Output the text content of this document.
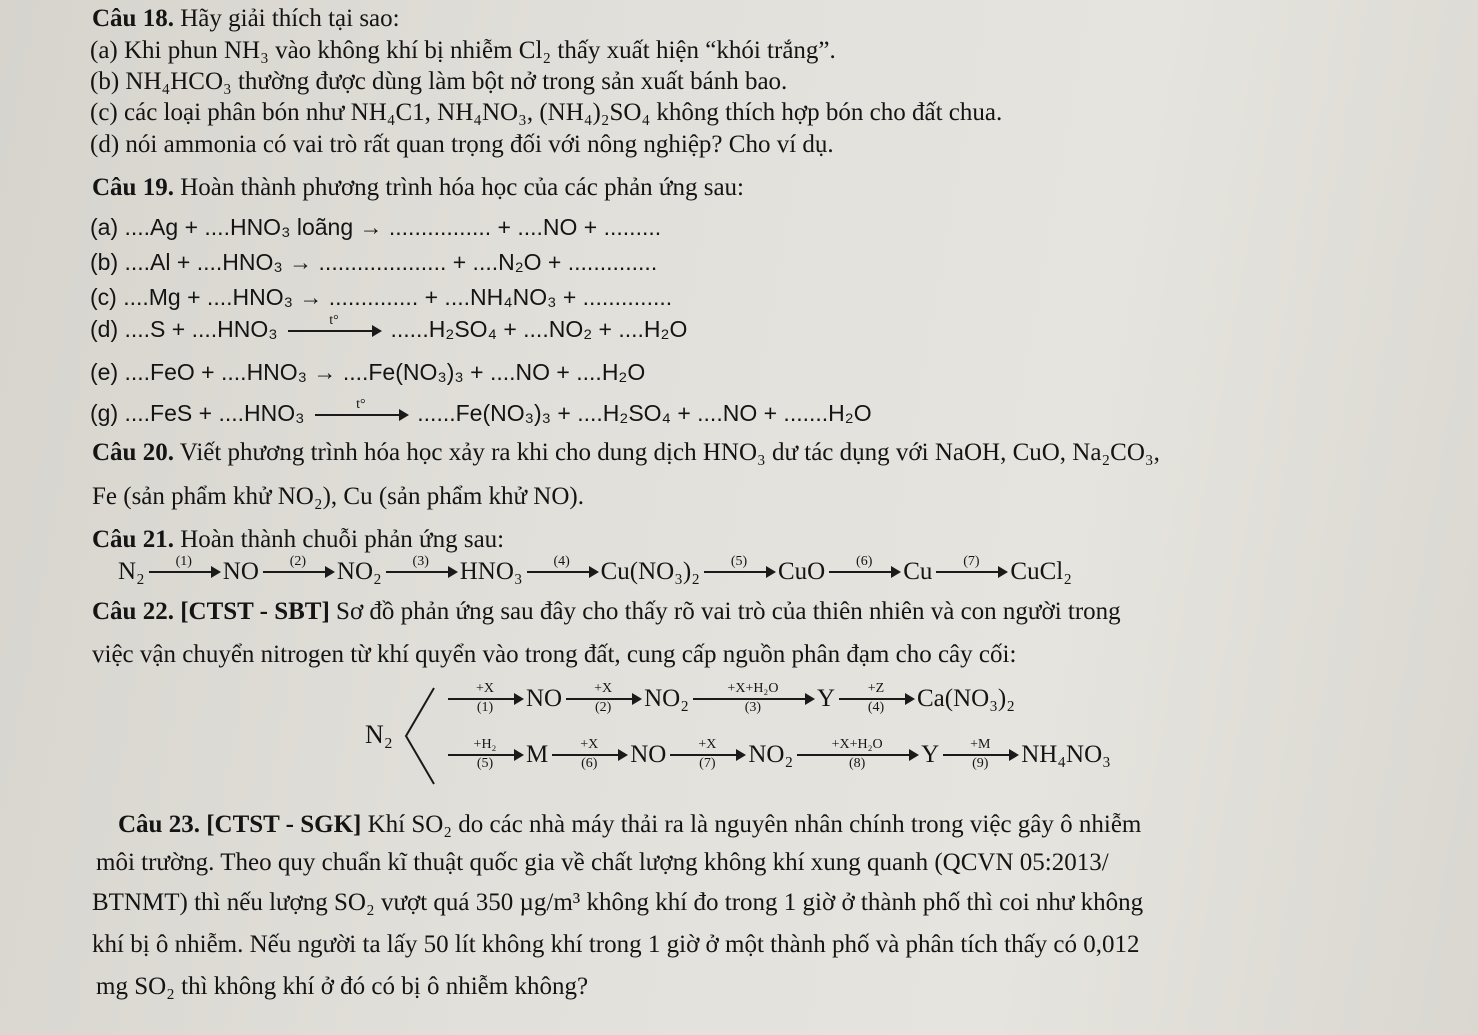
Câu 18. Hãy giải thích tại sao:
(a) Khi phun NH₃ vào không khí bị nhiễm Cl₂ thấy xuất hiện “khói trắng”.
(b) NH₄HCO₃ thường được dùng làm bột nở trong sản xuất bánh bao.
(c) các loại phân bón như NH₄C1, NH₄NO₃, (NH₄)₂SO₄ không thích hợp bón cho đất chua.
(d) nói ammonia có vai trò rất quan trọng đối với nông nghiệp? Cho ví dụ.
Câu 19. Hoàn thành phương trình hóa học của các phản ứng sau:
(a) ....Ag + ....HNO₃ loãng → ................ + ....NO + .........
(b) ....Al + ....HNO₃ → .................... + ....N₂O + ..............
(c) ....Mg + ....HNO₃ → .............. + ....NH₄NO₃ + ..............
(d) ....S + ....HNO₃	t°	......H₂SO₄ + ....NO₂ + ....H₂O
(e) ....FeO + ....HNO₃ → ....Fe(NO₃)₃ + ....NO + ....H₂O
(g) ....FeS + ....HNO₃	t°	......Fe(NO₃)₃ + ....H₂SO₄ + ....NO + .......H₂O
Câu 20. Viết phương trình hóa học xảy ra khi cho dung dịch HNO₃ dư tác dụng với NaOH, CuO, Na₂CO₃,
Fe (sản phẩm khử NO₂), Cu (sản phẩm khử NO).
Câu 21. Hoàn thành chuỗi phản ứng sau:
N₂	(1)	NO	(2)	NO₂	(3)	HNO₃	(4)	Cu(NO₃)₂	(5)	CuO	(6)	Cu	(7)	CuCl₂
Câu 22. [CTST - SBT] Sơ đồ phản ứng sau đây cho thấy rõ vai trò của thiên nhiên và con người trong
việc vận chuyển nitrogen từ khí quyển vào trong đất, cung cấp nguồn phân đạm cho cây cối:
N₂
$\frac{+X}{(1)}$ NO $\frac{+X}{(2)} NO_2 \frac{\text{+X+H₂O}}{(3)}$ Y $\frac{+Z}{(4)} Ca(NO_3)_2$
$\frac{\text{+H₂}}{(5)}$ M $\frac{+X}{(6)}$ NO $\frac{+X}{(7)} NO_2 \frac{\text{+X+H₂O}}{(8)}$ Y $\frac{+M}{(9)} NH_4NO_3$
Câu 23. [CTST - SGK] Khí SO₂ do các nhà máy thải ra là nguyên nhân chính trong việc gây ô nhiễm
môi trường. Theo quy chuẩn kĩ thuật quốc gia về chất lượng không khí xung quanh (QCVN 05:2013/
BTNMT) thì nếu lượng SO₂ vượt quá 350 µg/m³ không khí đo trong 1 giờ ở thành phố thì coi như không
khí bị ô nhiễm. Nếu người ta lấy 50 lít không khí trong 1 giờ ở một thành phố và phân tích thấy có 0,012
mg SO₂ thì không khí ở đó có bị ô nhiễm không?
